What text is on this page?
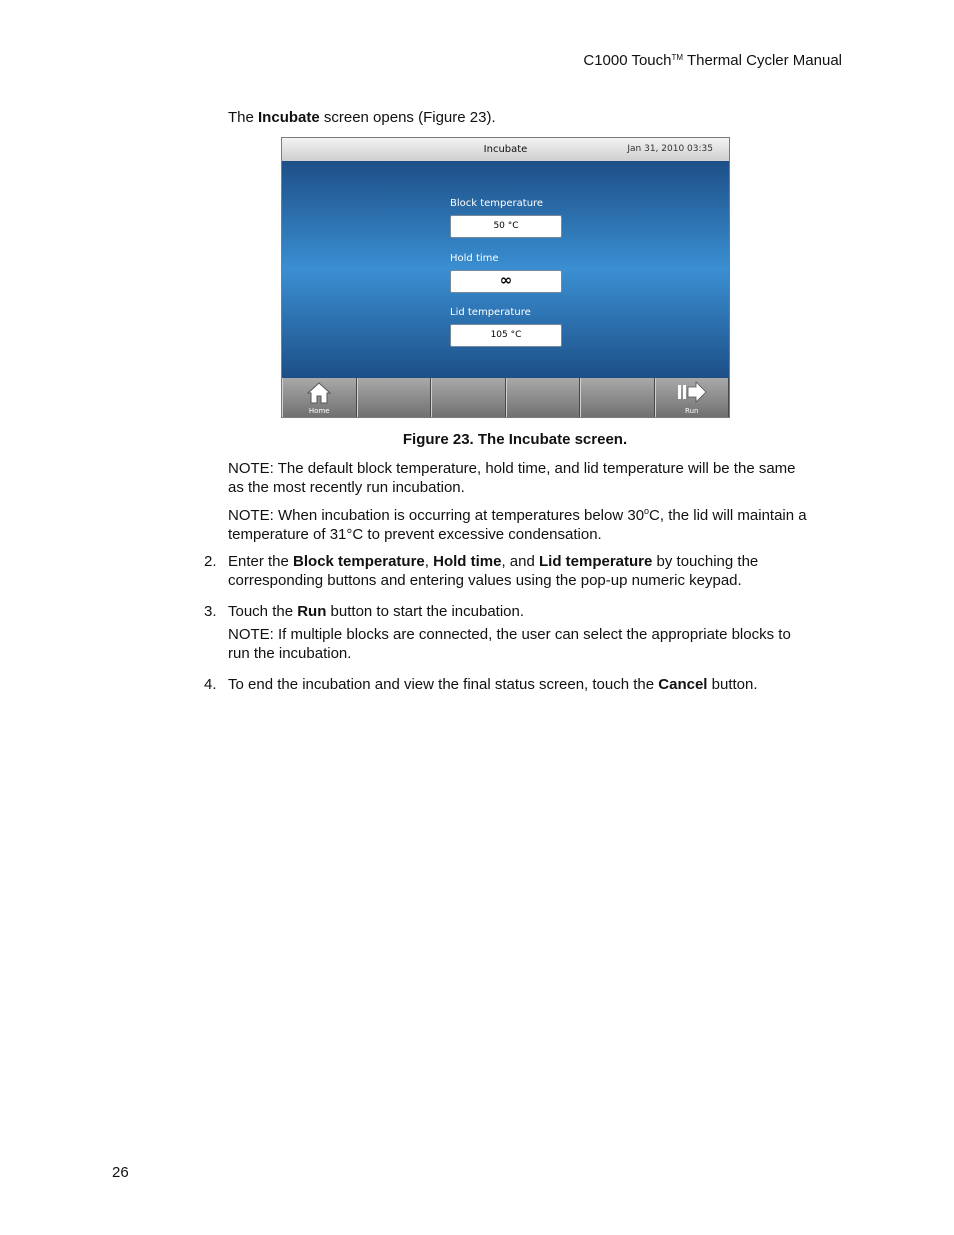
C1000 Touch™ Thermal Cycler Manual
The Incubate screen opens (Figure 23).
Incubate	Jan 31, 2010 03:35
Block temperature
50 °C
Hold time
∞
Lid temperature
105 °C
Home	Run
Figure 23. The Incubate screen.
NOTE: The default block temperature, hold time, and lid temperature will be the same as the most recently run incubation.
NOTE: When incubation is occurring at temperatures below 30$^o$C, the lid will maintain a temperature of 31°C to prevent excessive condensation.
2. Enter the Block temperature, Hold time, and Lid temperature by touching the corresponding buttons and entering values using the pop-up numeric keypad.
3. Touch the Run button to start the incubation.
NOTE: If multiple blocks are connected, the user can select the appropriate blocks to run the incubation.
4. To end the incubation and view the final status screen, touch the Cancel button.
26
